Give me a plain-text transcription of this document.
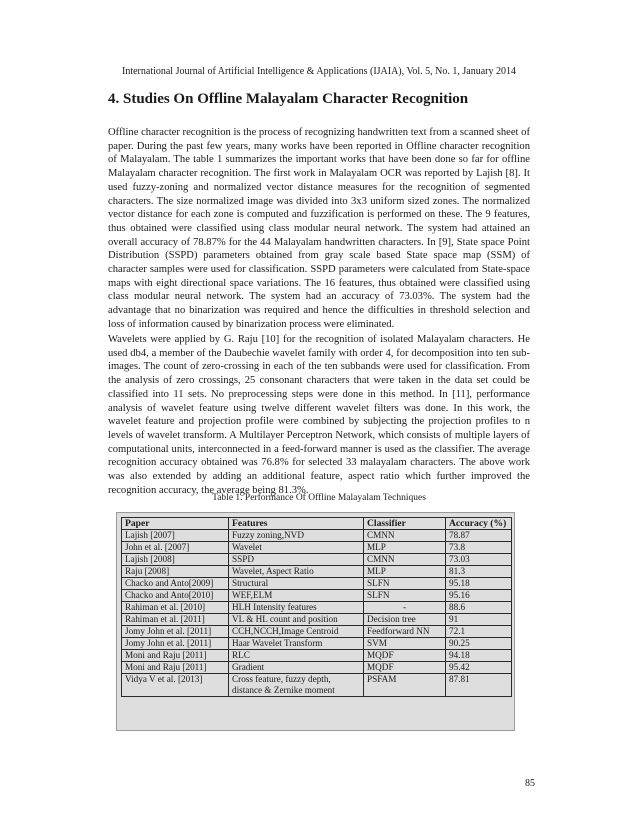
International Journal of Artificial Intelligence & Applications (IJAIA), Vol. 5, No. 1, January 2014
4. Studies On Offline Malayalam Character Recognition

Offline character recognition is the process of recognizing handwritten text from a scanned sheet of paper. During the past few years, many works have been reported in Offline character recognition of Malayalam. The table 1 summarizes the important works that have been done so far for offline Malayalam character recognition. The first work in Malayalam OCR was reported by Lajish [8]. It used fuzzy-zoning and normalized vector distance measures for the recognition of segmented characters. The size normalized image was divided into 3x3 uniform sized zones. The normalized vector distance for each zone is computed and fuzzification is performed on these. The 9 features, thus obtained were classified using class modular neural network. The system had attained an overall accuracy of 78.87% for the 44 Malayalam handwritten characters. In [9], State space Point Distribution (SSPD) parameters obtained from gray scale based State space map (SSM) of character samples were used for classification. SSPD parameters were calculated from State-space maps with eight directional space variations. The 16 features, thus obtained were classified using class modular neural network. The system had an accuracy of 73.03%. The system had the advantage that no binarization was required and hence the difficulties in threshold selection and loss of information caused by binarization process were eliminated.

Wavelets were applied by G. Raju [10] for the recognition of isolated Malayalam characters. He used db4, a member of the Daubechie wavelet family with order 4, for decomposition into ten sub-images. The count of zero-crossing in each of the ten subbands were used for classification. From the analysis of zero crossings, 25 consonant characters that were taken in the data set could be classified into 11 sets. No preprocessing steps were done in this method. In [11], performance analysis of wavelet feature using twelve different wavelet filters was done. In this work, the wavelet feature and projection profile were combined by subjecting the projection profiles to n levels of wavelet transform. A Multilayer Perceptron Network, which consists of multiple layers of computational units, interconnected in a feed-forward manner is used as the classifier. The average recognition accuracy obtained was 76.8% for selected 33 malayalam characters. The above work was also extended by adding an additional feature, aspect ratio which further improved the recognition accuracy, the average being 81.3%.

Table 1. Performance Of Offline Malayalam Techniques
Paper	Features	Classifier	Accuracy (%)
Lajish [2007]	Fuzzy zoning,NVD	CMNN	78.87
John et al. [2007]	Wavelet	MLP	73.8
Lajish [2008]	SSPD	CMNN	73.03
Raju [2008]	Wavelet, Aspect Ratio	MLP	81.3
Chacko and Anto[2009]	Structural	SLFN	95.18
Chacko and Anto[2010]	WEF,ELM	SLFN	95.16
Rahiman et al. [2010]	HLH Intensity features	-	88.6
Rahiman et al. [2011]	VL & HL count and position	Decision tree	91
Jomy John et al. [2011]	CCH,NCCH,Image Centroid	Feedforward NN	72.1
Jomy John et al. [2011]	Haar Wavelet Transform	SVM	90.25
Moni and Raju [2011]	RLC	MQDF	94.18
Moni and Raju [2011]	Gradient	MQDF	95.42
Vidya V et al. [2013]	Cross feature, fuzzy depth, distance & Zernike moment	PSFAM	87.81
85
